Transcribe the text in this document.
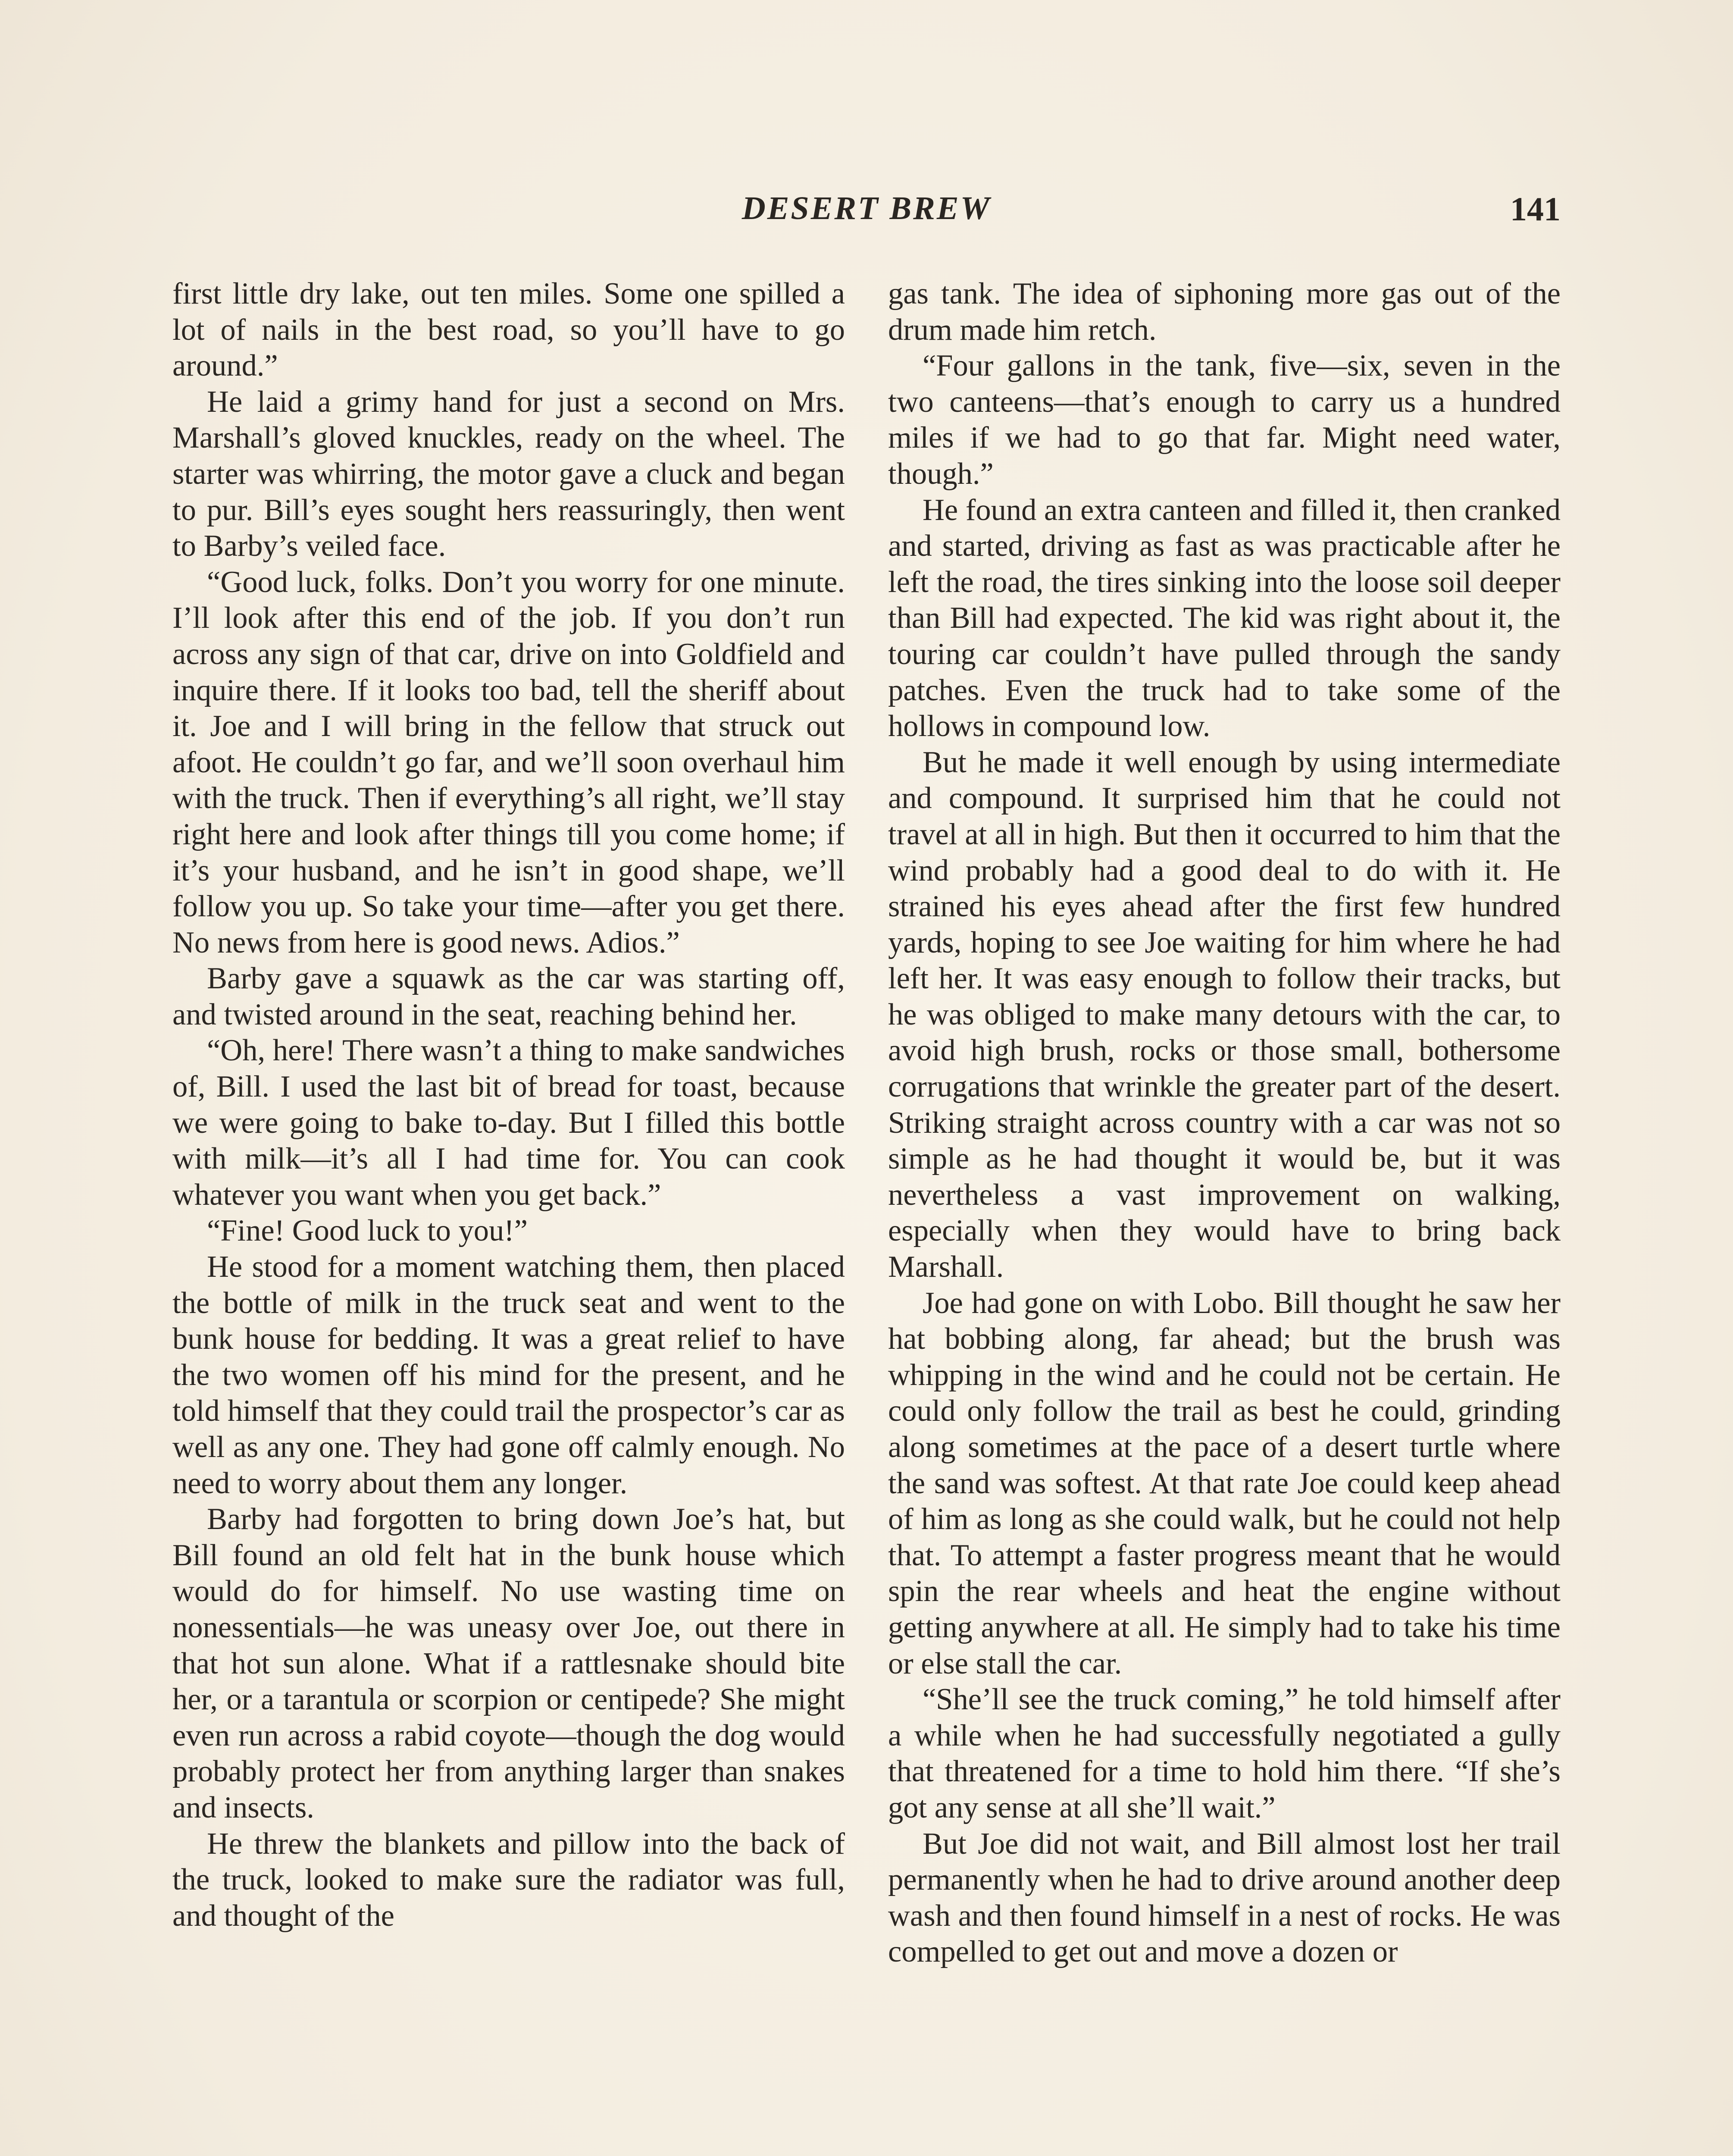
DESERT BREW	141

first little dry lake, out ten miles. Some one spilled a lot of nails in the best road, so you’ll have to go around.”

He laid a grimy hand for just a second on Mrs. Marshall’s gloved knuckles, ready on the wheel. The starter was whirring, the motor gave a cluck and began to pur. Bill’s eyes sought hers reassuringly, then went to Barby’s veiled face.

“Good luck, folks. Don’t you worry for one minute. I’ll look after this end of the job. If you don’t run across any sign of that car, drive on into Goldfield and inquire there. If it looks too bad, tell the sheriff about it. Joe and I will bring in the fellow that struck out afoot. He couldn’t go far, and we’ll soon overhaul him with the truck. Then if everything’s all right, we’ll stay right here and look after things till you come home; if it’s your husband, and he isn’t in good shape, we’ll follow you up. So take your time—after you get there. No news from here is good news. Adios.”

Barby gave a squawk as the car was starting off, and twisted around in the seat, reaching behind her.

“Oh, here! There wasn’t a thing to make sandwiches of, Bill. I used the last bit of bread for toast, because we were going to bake to-day. But I filled this bottle with milk—it’s all I had time for. You can cook whatever you want when you get back.”

“Fine! Good luck to you!”

He stood for a moment watching them, then placed the bottle of milk in the truck seat and went to the bunk house for bedding. It was a great relief to have the two women off his mind for the present, and he told himself that they could trail the prospector’s car as well as any one. They had gone off calmly enough. No need to worry about them any longer.

Barby had forgotten to bring down Joe’s hat, but Bill found an old felt hat in the bunk house which would do for himself. No use wasting time on nonessentials—he was uneasy over Joe, out there in that hot sun alone. What if a rattlesnake should bite her, or a tarantula or scorpion or centipede? She might even run across a rabid coyote—though the dog would probably protect her from anything larger than snakes and insects.

He threw the blankets and pillow into the back of the truck, looked to make sure the radiator was full, and thought of the

gas tank. The idea of siphoning more gas out of the drum made him retch.

“Four gallons in the tank, five—six, seven in the two canteens—that’s enough to carry us a hundred miles if we had to go that far. Might need water, though.”

He found an extra canteen and filled it, then cranked and started, driving as fast as was practicable after he left the road, the tires sinking into the loose soil deeper than Bill had expected. The kid was right about it, the touring car couldn’t have pulled through the sandy patches. Even the truck had to take some of the hollows in compound low.

But he made it well enough by using intermediate and compound. It surprised him that he could not travel at all in high. But then it occurred to him that the wind probably had a good deal to do with it. He strained his eyes ahead after the first few hundred yards, hoping to see Joe waiting for him where he had left her. It was easy enough to follow their tracks, but he was obliged to make many detours with the car, to avoid high brush, rocks or those small, bothersome corrugations that wrinkle the greater part of the desert. Striking straight across country with a car was not so simple as he had thought it would be, but it was nevertheless a vast improvement on walking, especially when they would have to bring back Marshall.

Joe had gone on with Lobo. Bill thought he saw her hat bobbing along, far ahead; but the brush was whipping in the wind and he could not be certain. He could only follow the trail as best he could, grinding along sometimes at the pace of a desert turtle where the sand was softest. At that rate Joe could keep ahead of him as long as she could walk, but he could not help that. To attempt a faster progress meant that he would spin the rear wheels and heat the engine without getting anywhere at all. He simply had to take his time or else stall the car.

“She’ll see the truck coming,” he told himself after a while when he had successfully negotiated a gully that threatened for a time to hold him there. “If she’s got any sense at all she’ll wait.”

But Joe did not wait, and Bill almost lost her trail permanently when he had to drive around another deep wash and then found himself in a nest of rocks. He was compelled to get out and move a dozen or
